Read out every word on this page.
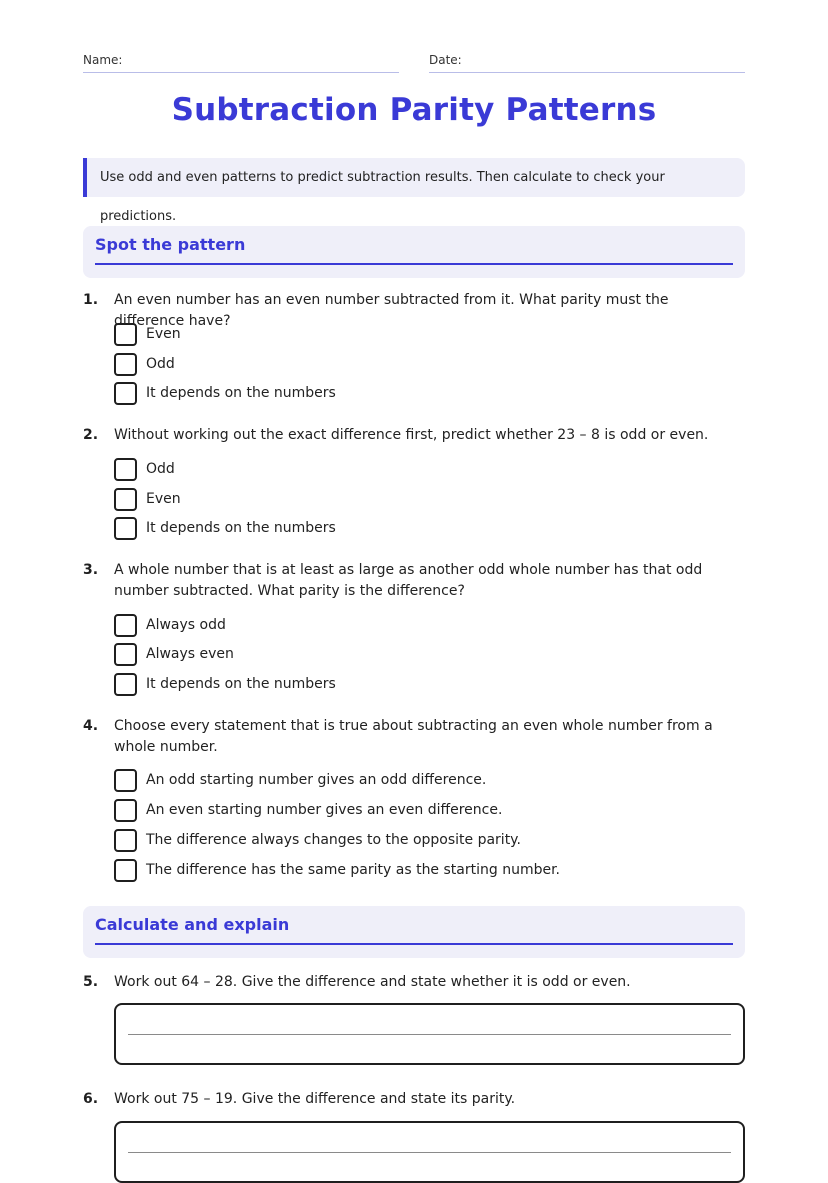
Name:	Date:
Subtraction Parity Patterns
Use odd and even patterns to predict subtraction results. Then calculate to check your predictions.
Spot the pattern
1. An even number has an even number subtracted from it. What parity must the difference have?
Even
Odd
It depends on the numbers
2. Without working out the exact difference first, predict whether 23 – 8 is odd or even.
Odd
Even
It depends on the numbers
3. A whole number that is at least as large as another odd whole number has that odd number subtracted. What parity is the difference?
Always odd
Always even
It depends on the numbers
4. Choose every statement that is true about subtracting an even whole number from a whole number.
An odd starting number gives an odd difference.
An even starting number gives an even difference.
The difference always changes to the opposite parity.
The difference has the same parity as the starting number.
Calculate and explain
5. Work out 64 – 28. Give the difference and state whether it is odd or even.
6. Work out 75 – 19. Give the difference and state its parity.
